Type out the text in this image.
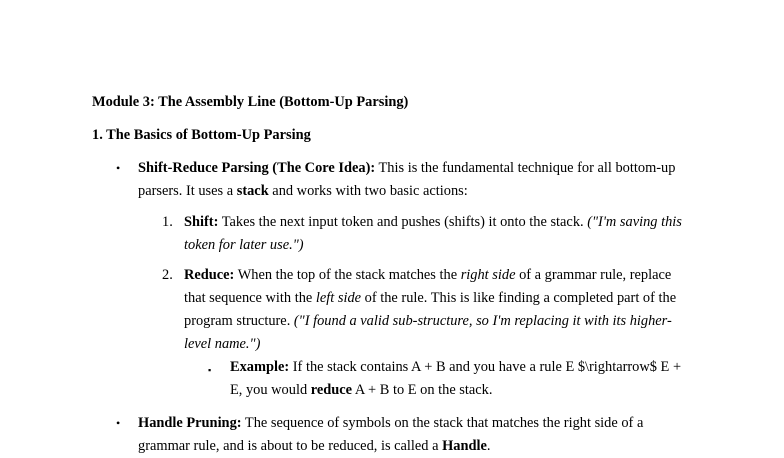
Module 3: The Assembly Line (Bottom-Up Parsing)
1. The Basics of Bottom-Up Parsing
• Shift-Reduce Parsing (The Core Idea): This is the fundamental technique for all bottom-up parsers. It uses a stack and works with two basic actions:
1. Shift: Takes the next input token and pushes (shifts) it onto the stack. ("I'm saving this token for later use.")
2. Reduce: When the top of the stack matches the right side of a grammar rule, replace that sequence with the left side of the rule. This is like finding a completed part of the program structure. ("I found a valid sub-structure, so I'm replacing it with its higher-level name.")
▪ Example: If the stack contains A + B and you have a rule E $\rightarrow$ E + E, you would reduce A + B to E on the stack.
• Handle Pruning: The sequence of symbols on the stack that matches the right side of a grammar rule, and is about to be reduced, is called a Handle.
